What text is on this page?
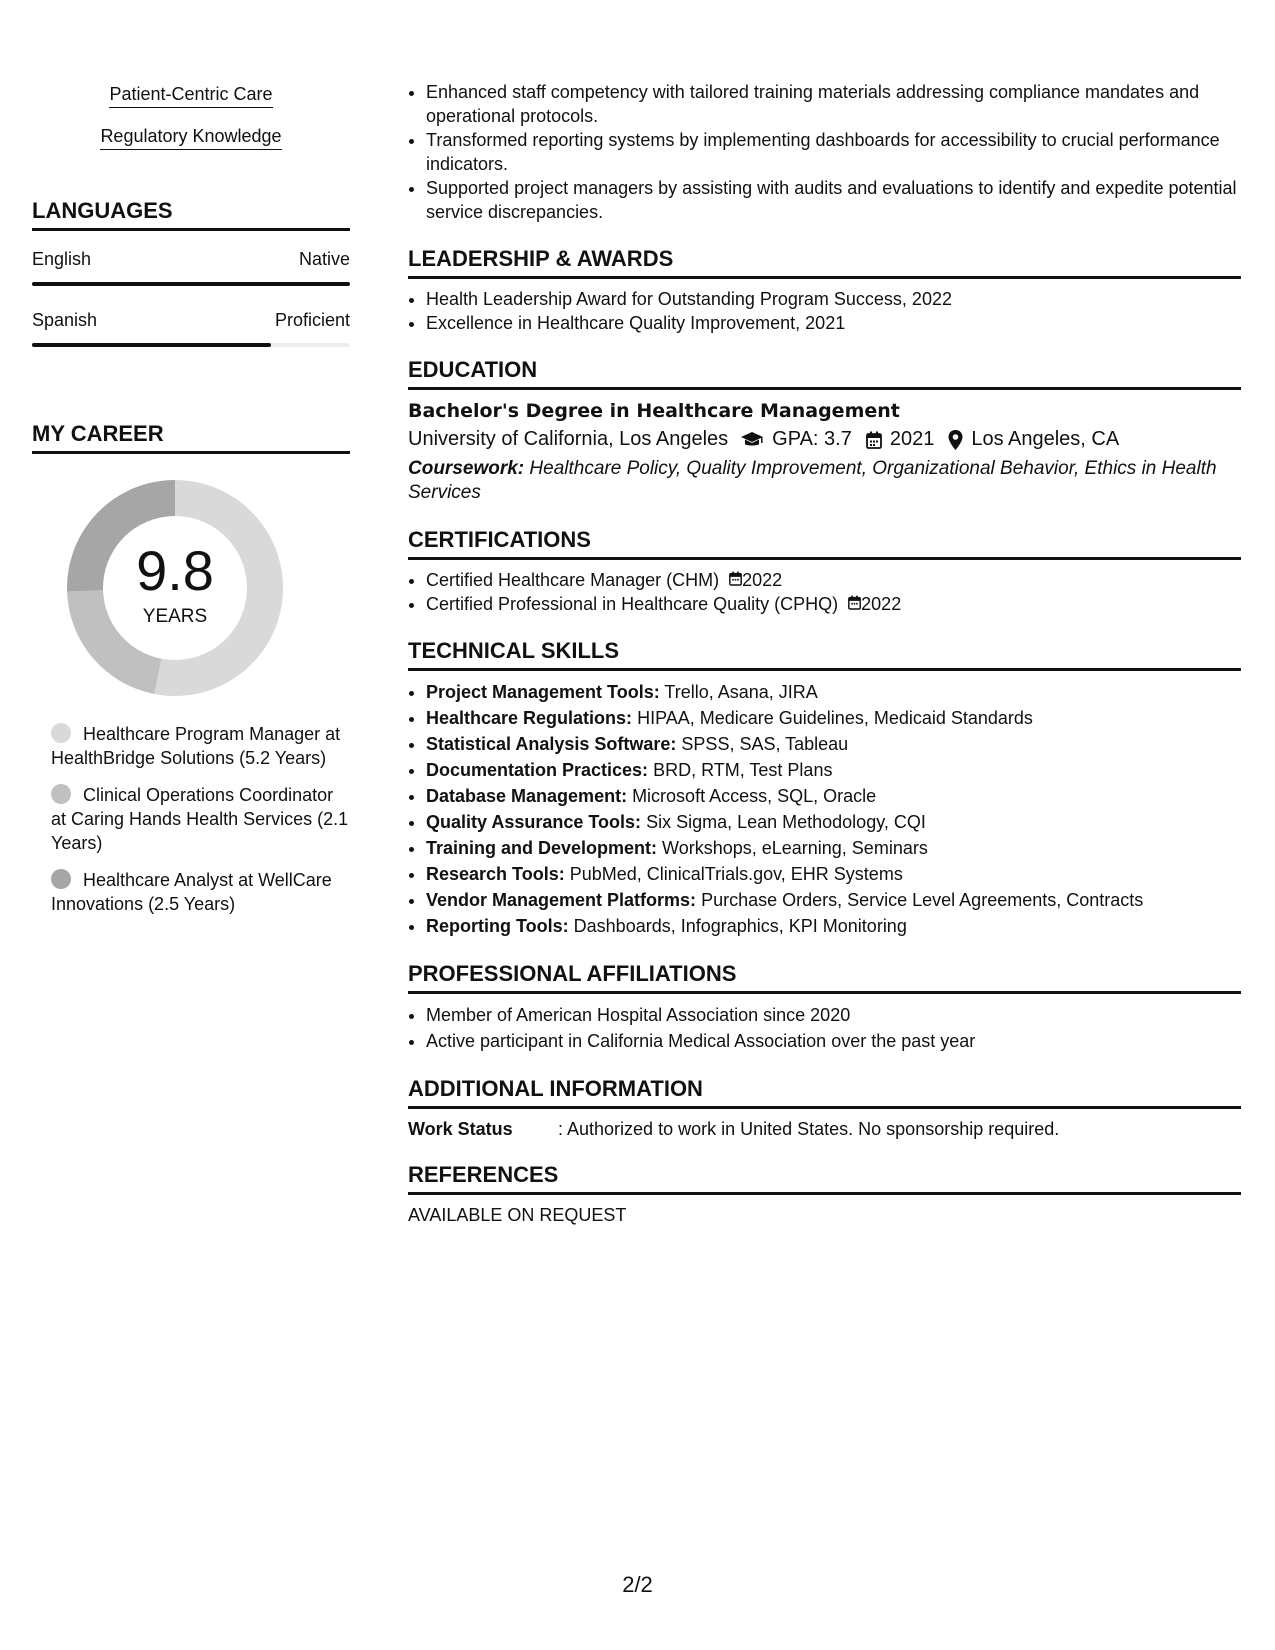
Patient-Centric Care
Regulatory Knowledge
LANGUAGES
English	Native
Spanish	Proficient
MY CAREER
9.8
YEARS
Healthcare Program Manager at HealthBridge Solutions (5.2 Years)
Clinical Operations Coordinator at Caring Hands Health Services (2.1 Years)
Healthcare Analyst at WellCare Innovations (2.5 Years)
• Enhanced staff competency with tailored training materials addressing compliance mandates and operational protocols.
• Transformed reporting systems by implementing dashboards for accessibility to crucial performance indicators.
• Supported project managers by assisting with audits and evaluations to identify and expedite potential service discrepancies.
LEADERSHIP & AWARDS
• Health Leadership Award for Outstanding Program Success, 2022
• Excellence in Healthcare Quality Improvement, 2021
EDUCATION
Bachelor's Degree in Healthcare Management
University of California, Los Angeles GPA: 3.7 2021 Los Angeles, CA
Coursework: Healthcare Policy, Quality Improvement, Organizational Behavior, Ethics in Health Services
CERTIFICATIONS
• Certified Healthcare Manager (CHM) 2022
• Certified Professional in Healthcare Quality (CPHQ) 2022
TECHNICAL SKILLS
• Project Management Tools: Trello, Asana, JIRA
• Healthcare Regulations: HIPAA, Medicare Guidelines, Medicaid Standards
• Statistical Analysis Software: SPSS, SAS, Tableau
• Documentation Practices: BRD, RTM, Test Plans
• Database Management: Microsoft Access, SQL, Oracle
• Quality Assurance Tools: Six Sigma, Lean Methodology, CQI
• Training and Development: Workshops, eLearning, Seminars
• Research Tools: PubMed, ClinicalTrials.gov, EHR Systems
• Vendor Management Platforms: Purchase Orders, Service Level Agreements, Contracts
• Reporting Tools: Dashboards, Infographics, KPI Monitoring
PROFESSIONAL AFFILIATIONS
• Member of American Hospital Association since 2020
• Active participant in California Medical Association over the past year
ADDITIONAL INFORMATION
Work Status	: Authorized to work in United States. No sponsorship required.
REFERENCES
AVAILABLE ON REQUEST
2/2
